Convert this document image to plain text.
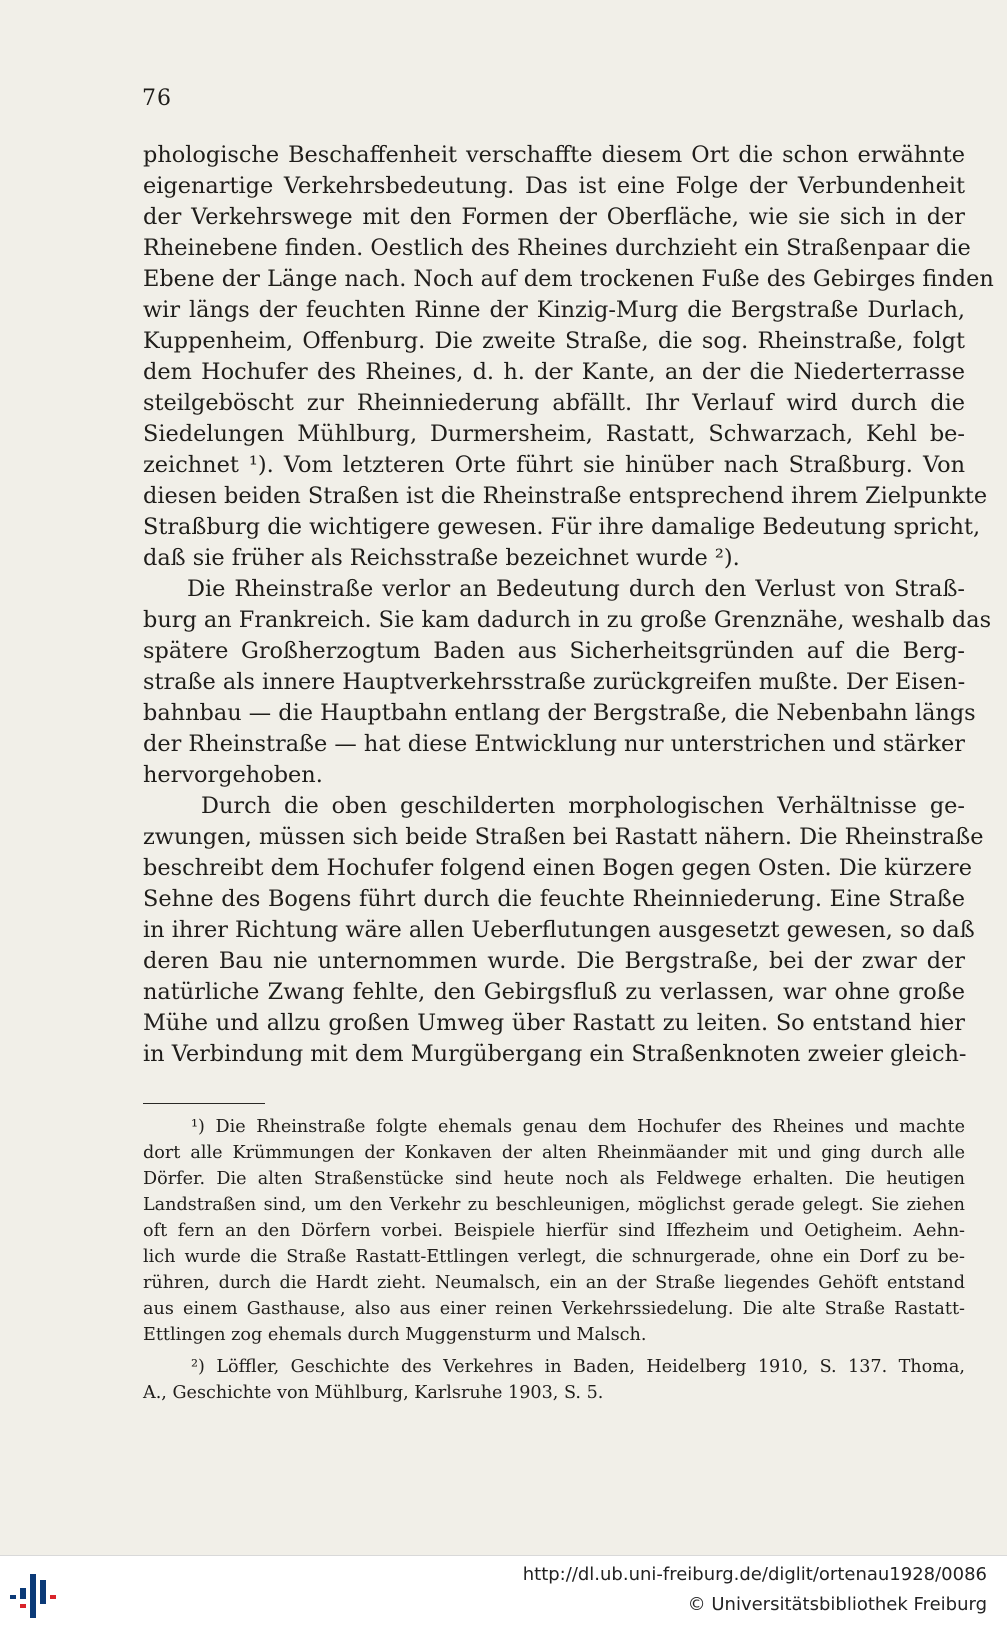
76
phologische Beschaffenheit verschaffte diesem Ort die schon erwähnte
eigenartige Verkehrsbedeutung. Das ist eine Folge der Verbundenheit
der Verkehrswege mit den Formen der Oberfläche, wie sie sich in der
Rheinebene finden. Oestlich des Rheines durchzieht ein Straßenpaar die
Ebene der Länge nach. Noch auf dem trockenen Fuße des Gebirges finden
wir längs der feuchten Rinne der Kinzig-Murg die Bergstraße Durlach,
Kuppenheim, Offenburg. Die zweite Straße, die sog. Rheinstraße, folgt
dem Hochufer des Rheines, d. h. der Kante, an der die Niederterrasse
steilgeböscht zur Rheinniederung abfällt. Ihr Verlauf wird durch die
Siedelungen Mühlburg, Durmersheim, Rastatt, Schwarzach, Kehl be-
zeichnet ¹). Vom letzteren Orte führt sie hinüber nach Straßburg. Von
diesen beiden Straßen ist die Rheinstraße entsprechend ihrem Zielpunkte
Straßburg die wichtigere gewesen. Für ihre damalige Bedeutung spricht,
daß sie früher als Reichsstraße bezeichnet wurde ²).
Die Rheinstraße verlor an Bedeutung durch den Verlust von Straß-
burg an Frankreich. Sie kam dadurch in zu große Grenznähe, weshalb das
spätere Großherzogtum Baden aus Sicherheitsgründen auf die Berg-
straße als innere Hauptverkehrsstraße zurückgreifen mußte. Der Eisen-
bahnbau — die Hauptbahn entlang der Bergstraße, die Nebenbahn längs
der Rheinstraße — hat diese Entwicklung nur unterstrichen und stärker
hervorgehoben.
Durch die oben geschilderten morphologischen Verhältnisse ge-
zwungen, müssen sich beide Straßen bei Rastatt nähern. Die Rheinstraße
beschreibt dem Hochufer folgend einen Bogen gegen Osten. Die kürzere
Sehne des Bogens führt durch die feuchte Rheinniederung. Eine Straße
in ihrer Richtung wäre allen Ueberflutungen ausgesetzt gewesen, so daß
deren Bau nie unternommen wurde. Die Bergstraße, bei der zwar der
natürliche Zwang fehlte, den Gebirgsfluß zu verlassen, war ohne große
Mühe und allzu großen Umweg über Rastatt zu leiten. So entstand hier
in Verbindung mit dem Murgübergang ein Straßenknoten zweier gleich-
¹) Die Rheinstraße folgte ehemals genau dem Hochufer des Rheines und machte
dort alle Krümmungen der Konkaven der alten Rheinmäander mit und ging durch alle
Dörfer. Die alten Straßenstücke sind heute noch als Feldwege erhalten. Die heutigen
Landstraßen sind, um den Verkehr zu beschleunigen, möglichst gerade gelegt. Sie ziehen
oft fern an den Dörfern vorbei. Beispiele hierfür sind Iffezheim und Oetigheim. Aehn-
lich wurde die Straße Rastatt-Ettlingen verlegt, die schnurgerade, ohne ein Dorf zu be-
rühren, durch die Hardt zieht. Neumalsch, ein an der Straße liegendes Gehöft entstand
aus einem Gasthause, also aus einer reinen Verkehrssiedelung. Die alte Straße Rastatt-
Ettlingen zog ehemals durch Muggensturm und Malsch.
²) Löffler, Geschichte des Verkehres in Baden, Heidelberg 1910, S. 137. Thoma,
A., Geschichte von Mühlburg, Karlsruhe 1903, S. 5.
http://dl.ub.uni-freiburg.de/diglit/ortenau1928/0086
© Universitätsbibliothek Freiburg
